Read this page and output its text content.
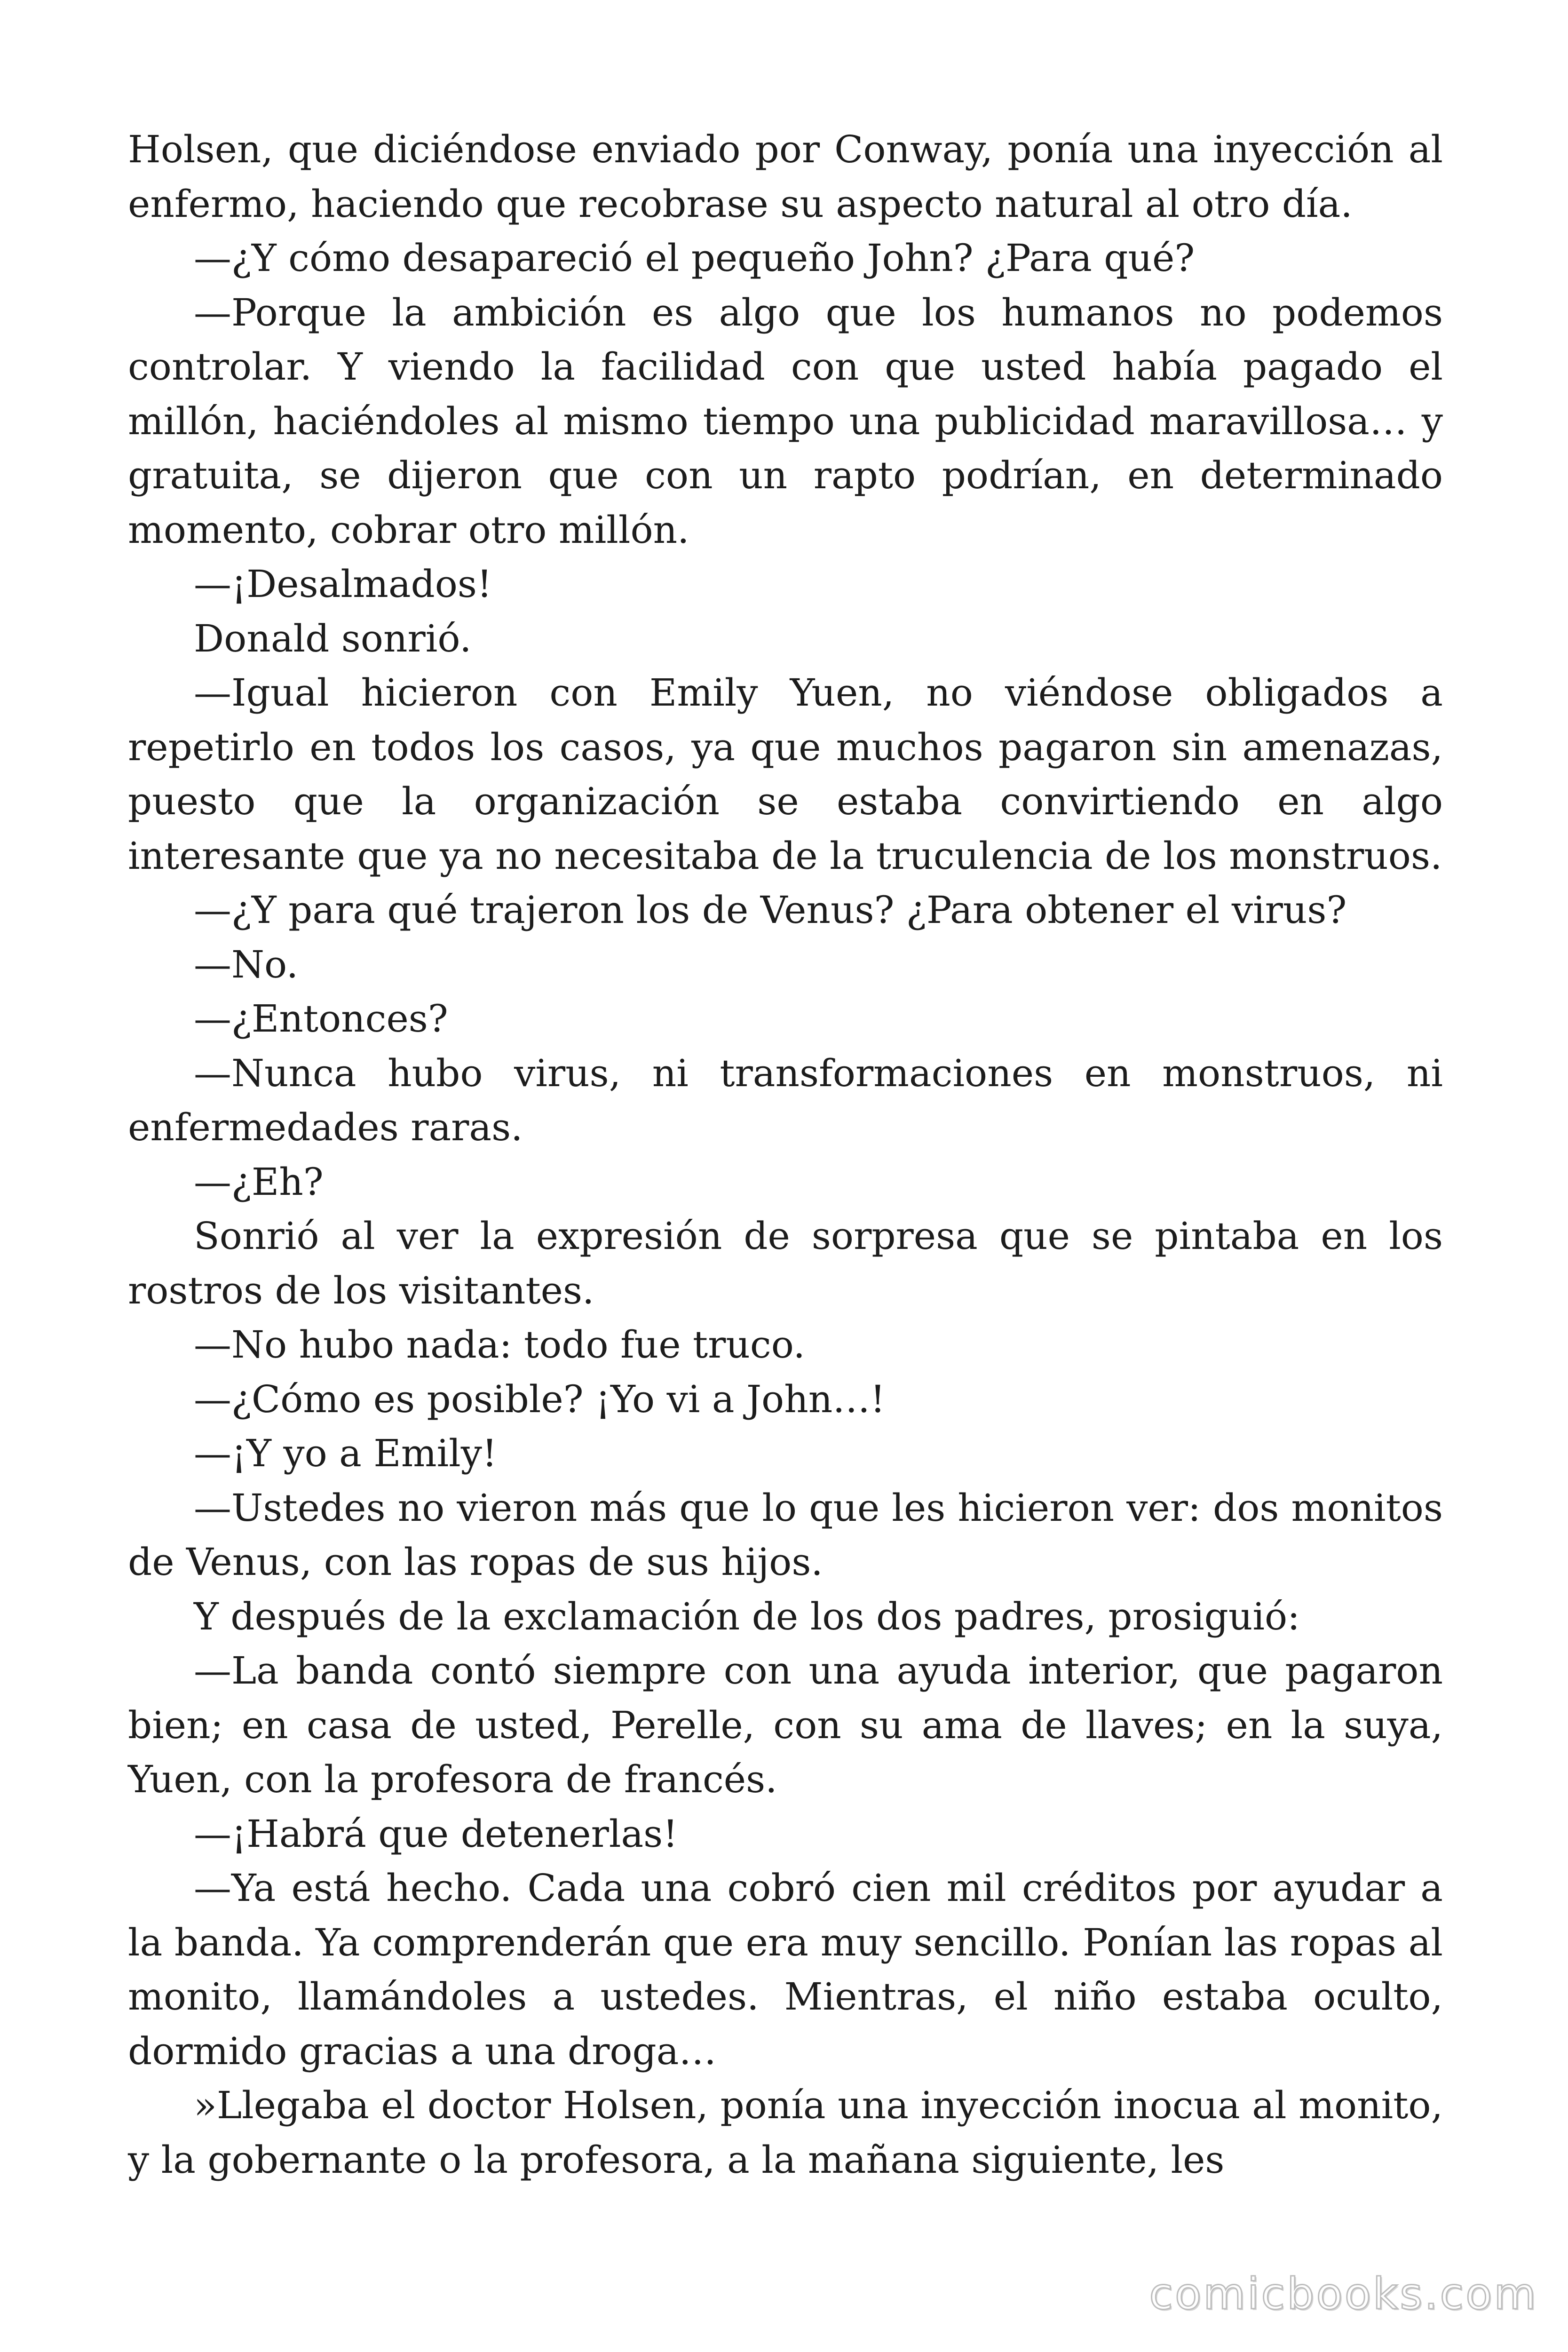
Holsen, que diciéndose enviado por Conway, ponía una inyección al enfermo, haciendo que recobrase su aspecto natural al otro día.

—¿Y cómo desapareció el pequeño John? ¿Para qué?

—Porque la ambición es algo que los humanos no podemos controlar. Y viendo la facilidad con que usted había pagado el millón, haciéndoles al mismo tiempo una publicidad maravillosa… y gratuita, se dijeron que con un rapto podrían, en determinado momento, cobrar otro millón.

—¡Desalmados!

Donald sonrió.

—Igual hicieron con Emily Yuen, no viéndose obligados a repetirlo en todos los casos, ya que muchos pagaron sin amenazas, puesto que la organización se estaba convirtiendo en algo interesante que ya no necesitaba de la truculencia de los monstruos.

—¿Y para qué trajeron los de Venus? ¿Para obtener el virus?

—No.

—¿Entonces?

—Nunca hubo virus, ni transformaciones en monstruos, ni enfermedades raras.

—¿Eh?

Sonrió al ver la expresión de sorpresa que se pintaba en los rostros de los visitantes.

—No hubo nada: todo fue truco.

—¿Cómo es posible? ¡Yo vi a John…!

—¡Y yo a Emily!

—Ustedes no vieron más que lo que les hicieron ver: dos monitos de Venus, con las ropas de sus hijos.

Y después de la exclamación de los dos padres, prosiguió:

—La banda contó siempre con una ayuda interior, que pagaron bien; en casa de usted, Perelle, con su ama de llaves; en la suya, Yuen, con la profesora de francés.

—¡Habrá que detenerlas!

—Ya está hecho. Cada una cobró cien mil créditos por ayudar a la banda. Ya comprenderán que era muy sencillo. Ponían las ropas al monito, llamándoles a ustedes. Mientras, el niño estaba oculto, dormido gracias a una droga…

»Llegaba el doctor Holsen, ponía una inyección inocua al monito, y la gobernante o la profesora, a la mañana siguiente, les

comicbooks.com
